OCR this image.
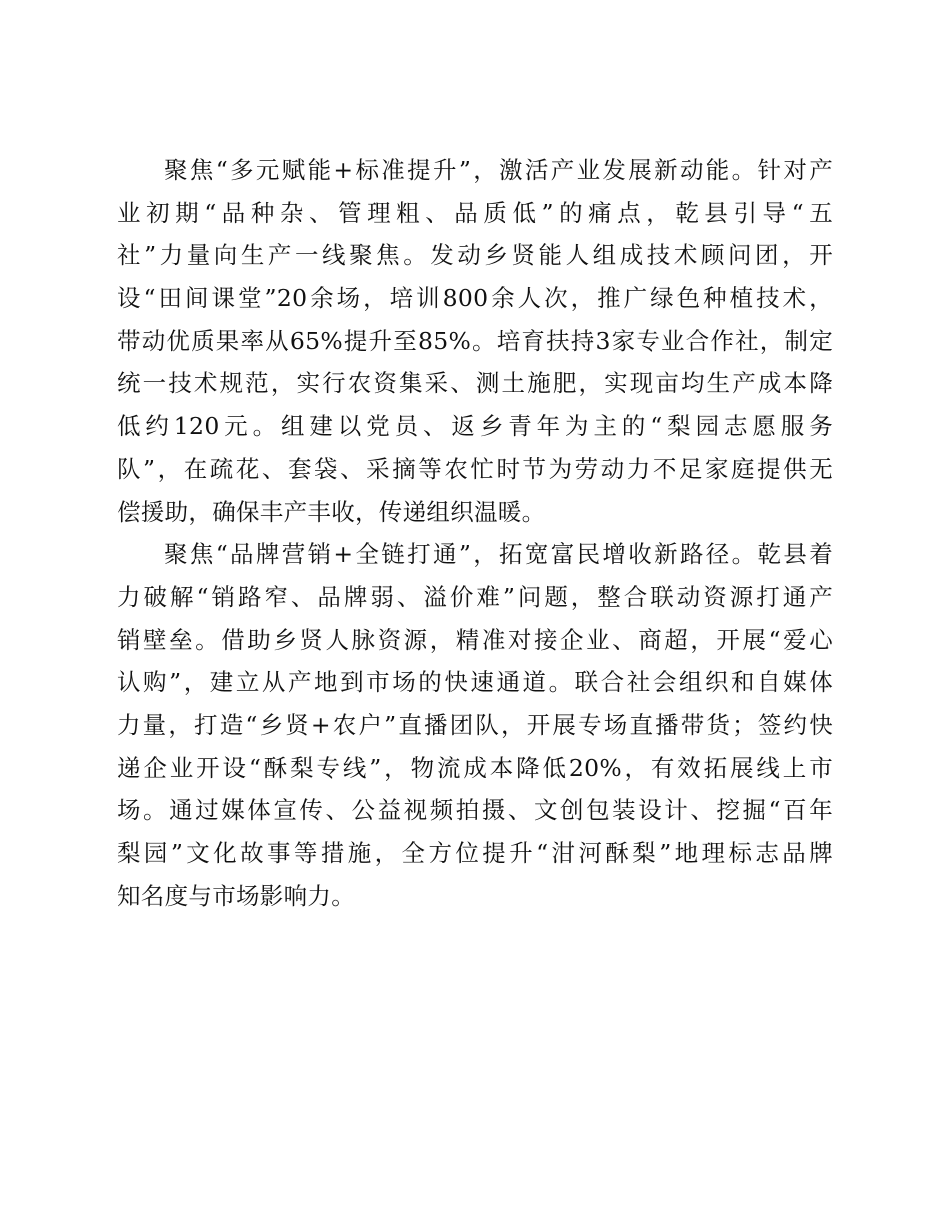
聚焦“多元赋能+标准提升”，激活产业发展新动能。针对产
业初期“品种杂、管理粗、品质低”的痛点，乾县引导“五
社”力量向生产一线聚焦。发动乡贤能人组成技术顾问团，开
设“田间课堂”20余场，培训800余人次，推广绿色种植技术，
带动优质果率从65%提升至85%。培育扶持3家专业合作社，制定
统一技术规范，实行农资集采、测土施肥，实现亩均生产成本降
低约120元。组建以党员、返乡青年为主的“梨园志愿服务
队”，在疏花、套袋、采摘等农忙时节为劳动力不足家庭提供无
偿援助，确保丰产丰收，传递组织温暖。
聚焦“品牌营销+全链打通”，拓宽富民增收新路径。乾县着
力破解“销路窄、品牌弱、溢价难”问题，整合联动资源打通产
销壁垒。借助乡贤人脉资源，精准对接企业、商超，开展“爱心
认购”，建立从产地到市场的快速通道。联合社会组织和自媒体
力量，打造“乡贤+农户”直播团队，开展专场直播带货；签约快
递企业开设“酥梨专线”，物流成本降低20%，有效拓展线上市
场。通过媒体宣传、公益视频拍摄、文创包装设计、挖掘“百年
梨园”文化故事等措施，全方位提升“泔河酥梨”地理标志品牌
知名度与市场影响力。
